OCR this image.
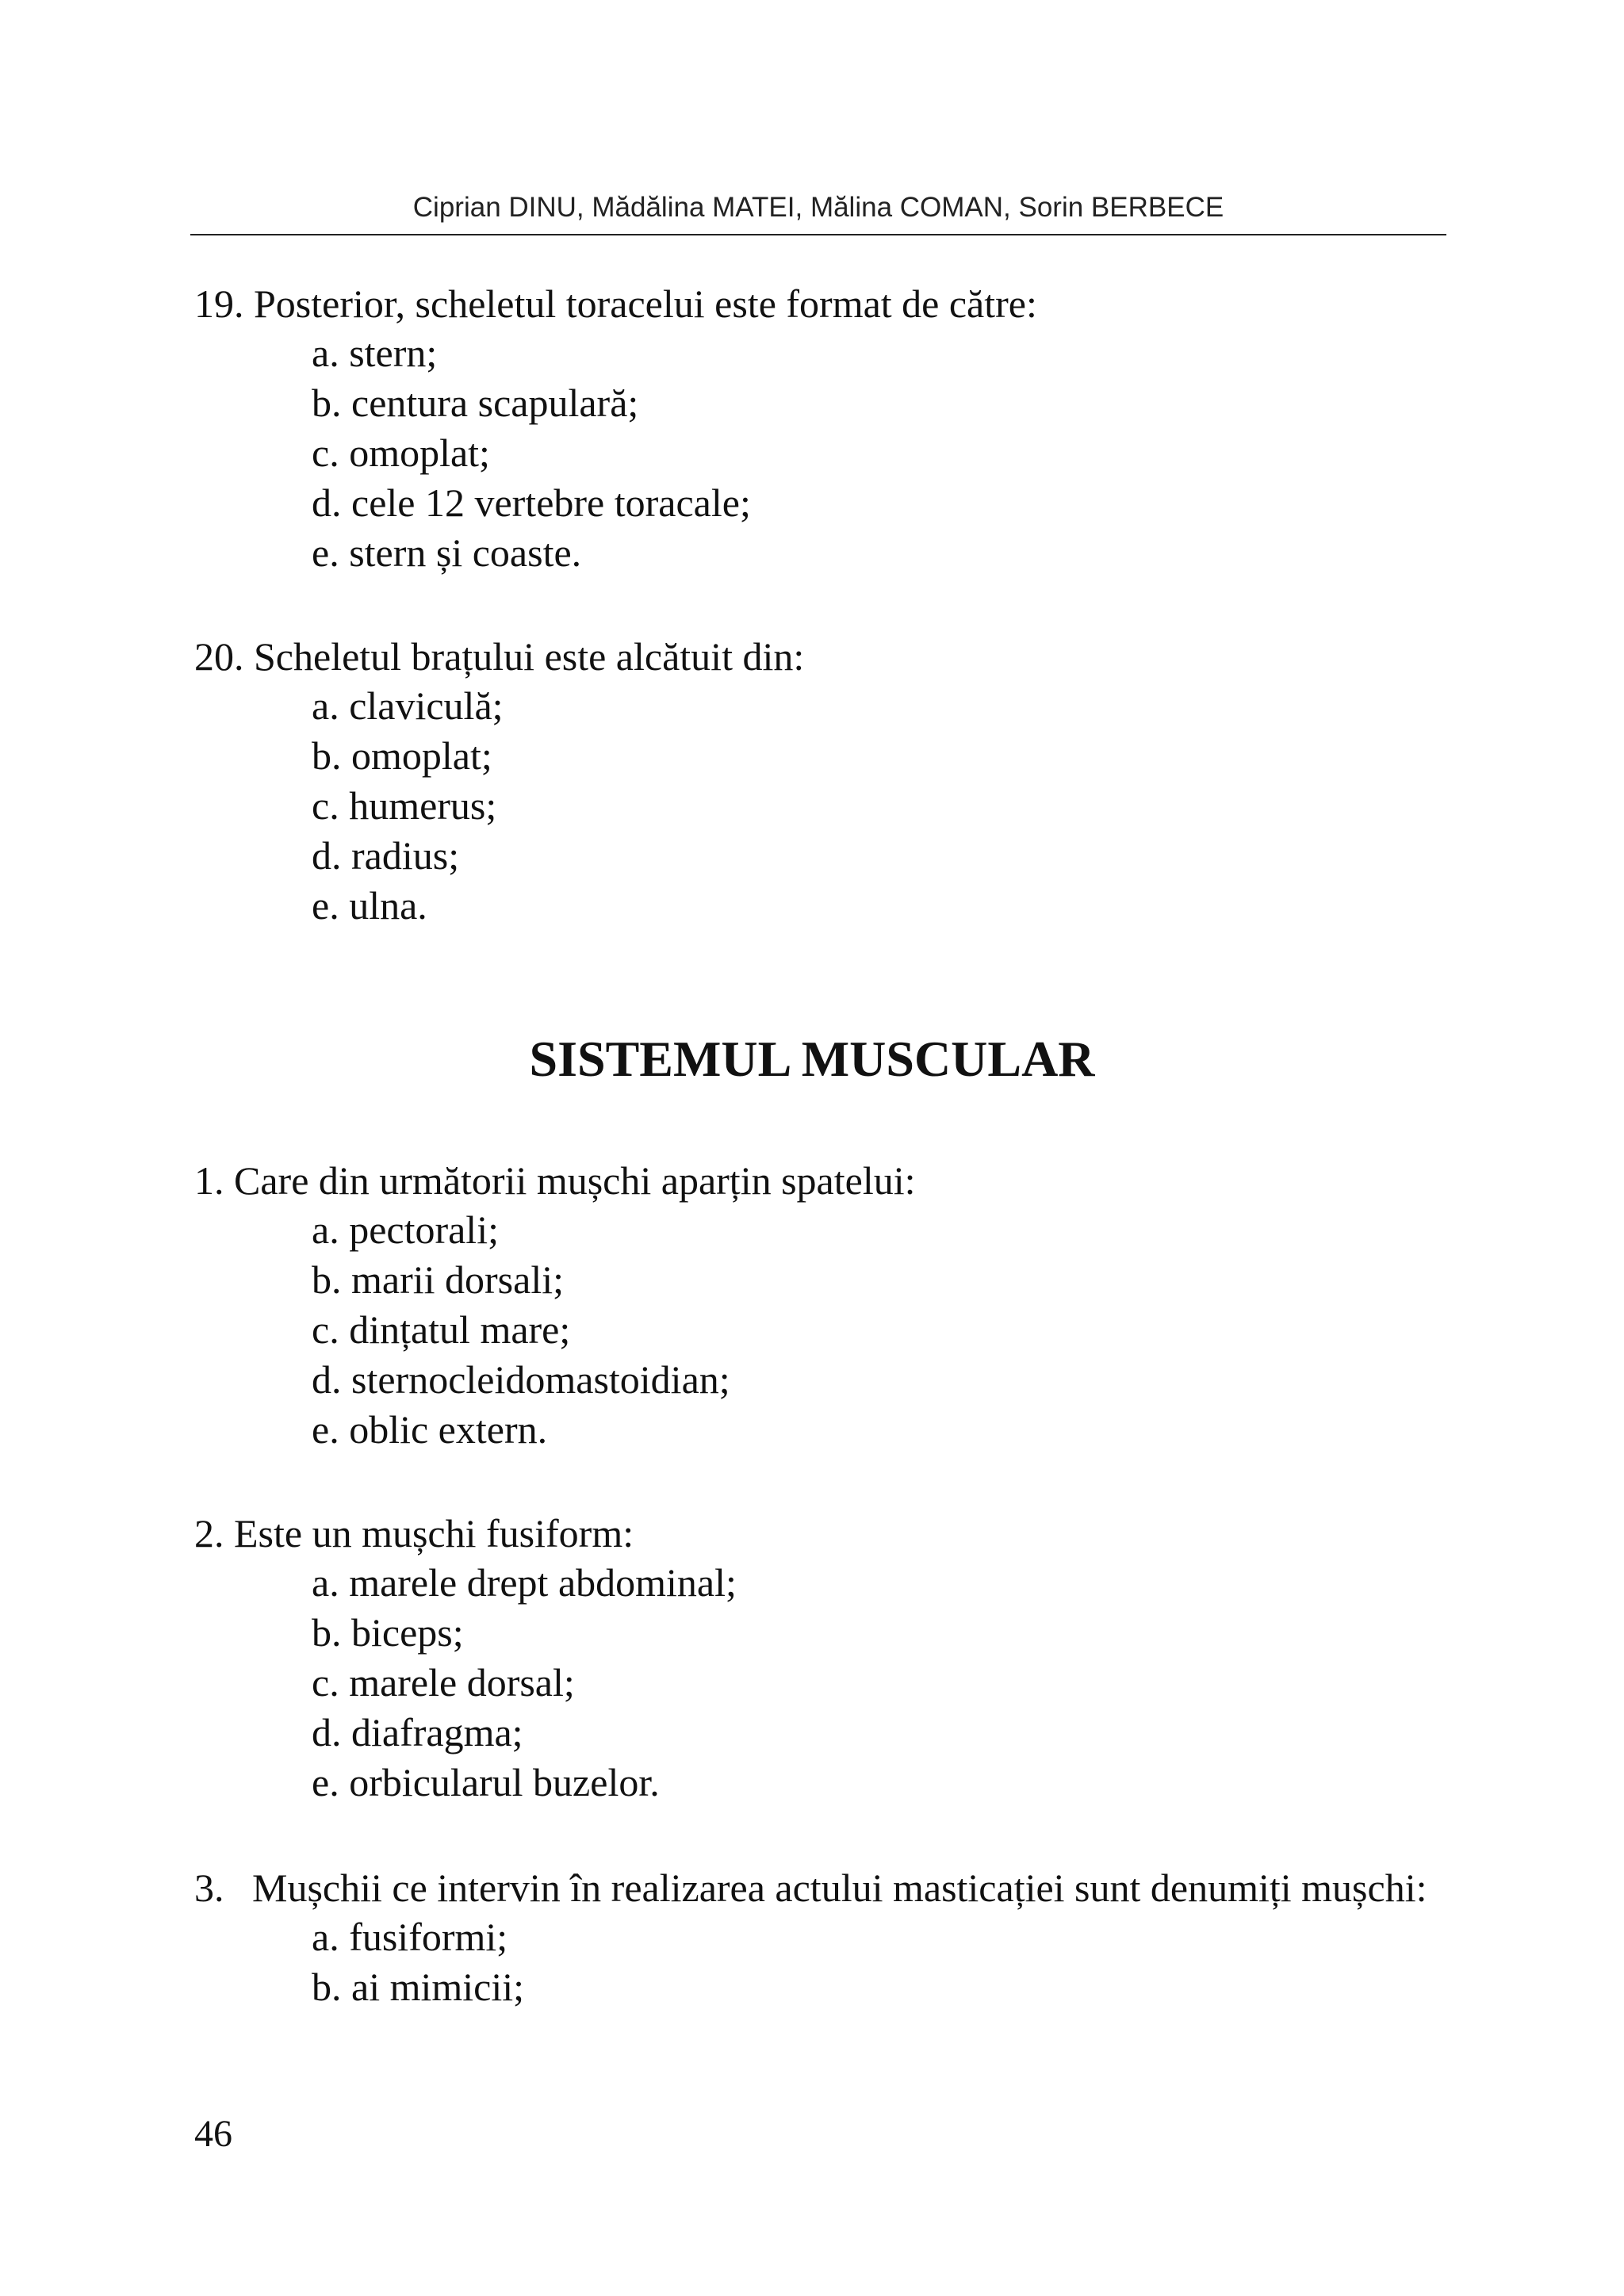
Ciprian DINU, Mădălina MATEI, Mălina COMAN, Sorin BERBECE

19. Posterior, scheletul toracelui este format de către:

a. stern;

b. centura scapulară;

c. omoplat;

d. cele 12 vertebre toracale;

e. stern și coaste.

20. Scheletul brațului este alcătuit din:

a. claviculă;

b. omoplat;

c. humerus;

d. radius;

e. ulna.

SISTEMUL MUSCULAR

1. Care din următorii mușchi aparțin spatelui:

a. pectorali;

b. marii dorsali;

c. dințatul mare;

d. sternocleidomastoidian;

e. oblic extern.

2. Este un mușchi fusiform:

a. marele drept abdominal;

b. biceps;

c. marele dorsal;

d. diafragma;

e. orbicularul buzelor.

3. Mușchii ce intervin în realizarea actului masticației sunt denumiți mușchi:

a. fusiformi;

b. ai mimicii;

46
